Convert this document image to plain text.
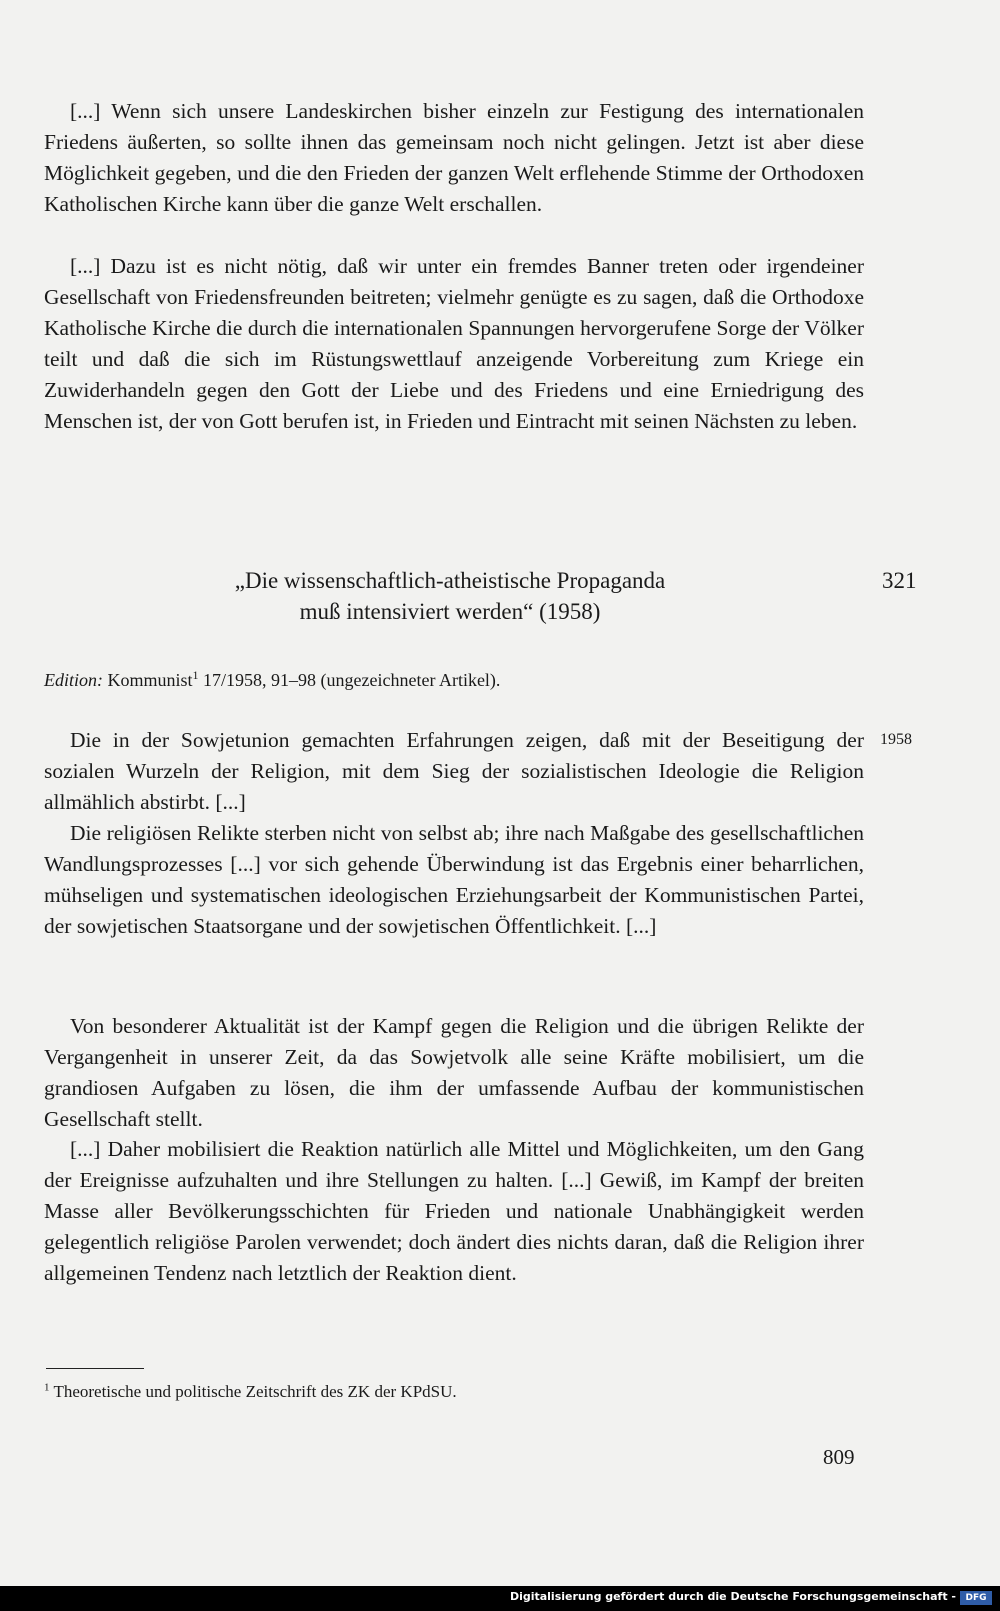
[...] Wenn sich unsere Landeskirchen bisher einzeln zur Festigung des internationalen Friedens äußerten, so sollte ihnen das gemeinsam noch nicht gelingen. Jetzt ist aber diese Möglichkeit gegeben, und die den Frieden der ganzen Welt erflehende Stimme der Orthodoxen Katholischen Kirche kann über die ganze Welt erschallen.

[...] Dazu ist es nicht nötig, daß wir unter ein fremdes Banner treten oder irgendeiner Gesellschaft von Friedensfreunden beitreten; vielmehr genügte es zu sagen, daß die Orthodoxe Katholische Kirche die durch die internationalen Spannungen hervorgerufene Sorge der Völker teilt und daß die sich im Rüstungswettlauf anzeigende Vorbereitung zum Kriege ein Zuwiderhandeln gegen den Gott der Liebe und des Friedens und eine Erniedrigung des Menschen ist, der von Gott berufen ist, in Frieden und Eintracht mit seinen Nächsten zu leben.

„Die wissenschaftlich-atheistische Propaganda
muß intensiviert werden“ (1958)
321
Edition: Kommunist$^1$ 17/1958, 91–98 (ungezeichneter Artikel).
1958

Die in der Sowjetunion gemachten Erfahrungen zeigen, daß mit der Beseitigung der sozialen Wurzeln der Religion, mit dem Sieg der sozialistischen Ideologie die Religion allmählich abstirbt. [...]

Die religiösen Relikte sterben nicht von selbst ab; ihre nach Maßgabe des gesellschaftlichen Wandlungsprozesses [...] vor sich gehende Überwindung ist das Ergebnis einer beharrlichen, mühseligen und systematischen ideologischen Erziehungsarbeit der Kommunistischen Partei, der sowjetischen Staatsorgane und der sowjetischen Öffentlichkeit. [...]

Von besonderer Aktualität ist der Kampf gegen die Religion und die übrigen Relikte der Vergangenheit in unserer Zeit, da das Sowjetvolk alle seine Kräfte mobilisiert, um die grandiosen Aufgaben zu lösen, die ihm der umfassende Aufbau der kommunistischen Gesellschaft stellt.

[...] Daher mobilisiert die Reaktion natürlich alle Mittel und Möglichkeiten, um den Gang der Ereignisse aufzuhalten und ihre Stellungen zu halten. [...] Gewiß, im Kampf der breiten Masse aller Bevölkerungsschichten für Frieden und nationale Unabhängigkeit werden gelegentlich religiöse Parolen verwendet; doch ändert dies nichts daran, daß die Religion ihrer allgemeinen Tendenz nach letztlich der Reaktion dient.

$^1$ Theoretische und politische Zeitschrift des ZK der KPdSU.
809
Digitalisierung gefördert durch die Deutsche Forschungsgemeinschaft -	DFG
